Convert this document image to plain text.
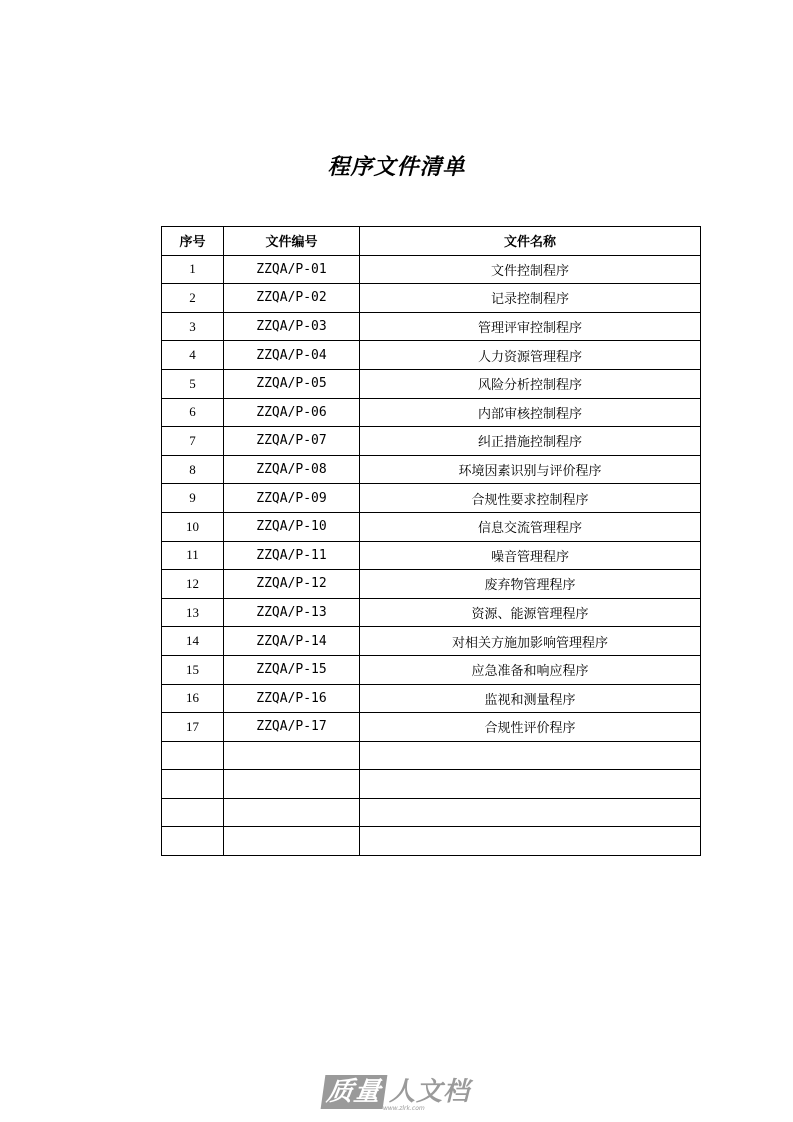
程序文件清单
序号	文件编号	文件名称
1	ZZQA/P-01	文件控制程序
2	ZZQA/P-02	记录控制程序
3	ZZQA/P-03	管理评审控制程序
4	ZZQA/P-04	人力资源管理程序
5	ZZQA/P-05	风险分析控制程序
6	ZZQA/P-06	内部审核控制程序
7	ZZQA/P-07	纠正措施控制程序
8	ZZQA/P-08	环境因素识别与评价程序
9	ZZQA/P-09	合规性要求控制程序
10	ZZQA/P-10	信息交流管理程序
11	ZZQA/P-11	噪音管理程序
12	ZZQA/P-12	废弃物管理程序
13	ZZQA/P-13	资源、能源管理程序
14	ZZQA/P-14	对相关方施加影响管理程序
15	ZZQA/P-15	应急准备和响应程序
16	ZZQA/P-16	监视和测量程序
17	ZZQA/P-17	合规性评价程序

质量 人文档
www.zlrk.com
